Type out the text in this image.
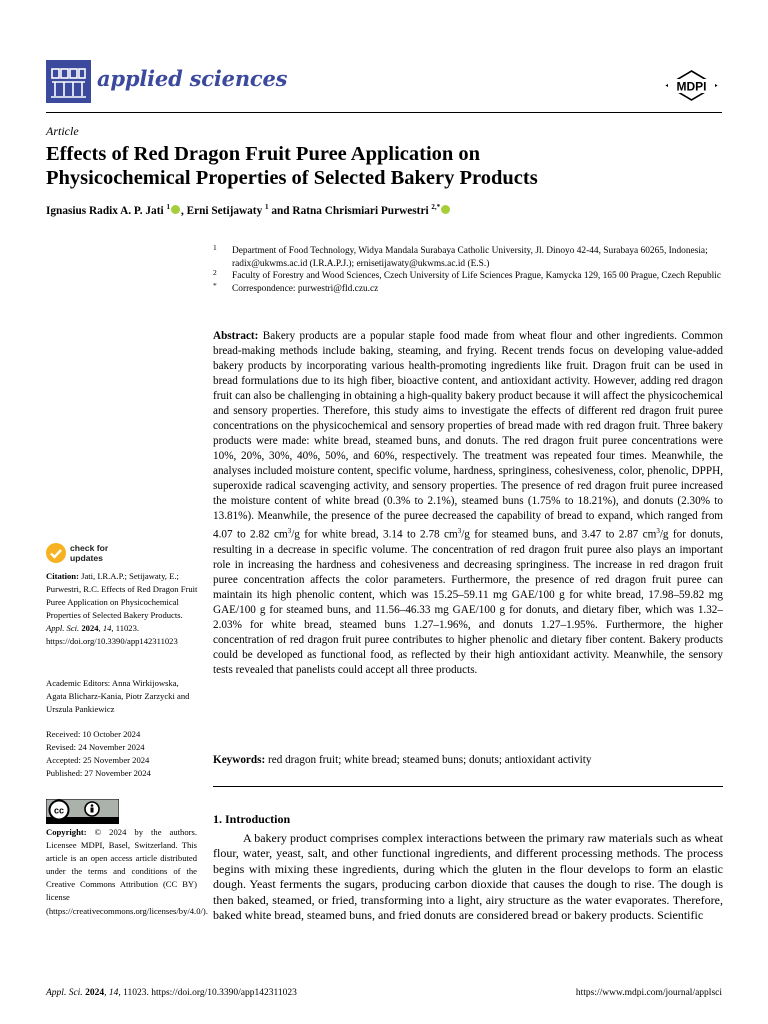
applied sciences	MDPI
Article
Effects of Red Dragon Fruit Puree Application on
Physicochemical Properties of Selected Bakery Products
Ignasius Radix A. P. Jati $^1$ , Erni Setijawaty $^1$ and Ratna Chrismiari Purwestri $^{2,*}$
1 Department of Food Technology, Widya Mandala Surabaya Catholic University, Jl. Dinoyo 42-44, Surabaya 60265, Indonesia; radix@ukwms.ac.id (I.R.A.P.J.); ernisetijawaty@ukwms.ac.id (E.S.)
2 Faculty of Forestry and Wood Sciences, Czech University of Life Sciences Prague, Kamycka 129, 165 00 Prague, Czech Republic
* Correspondence: purwestri@fld.czu.cz
Abstract: Bakery products are a popular staple food made from wheat flour and other ingredients. Common bread-making methods include baking, steaming, and frying. Recent trends focus on developing value-added bakery products by incorporating various health-promoting ingredients like fruit. Dragon fruit can be used in bread formulations due to its high fiber, bioactive content, and antioxidant activity. However, adding red dragon fruit can also be challenging in obtaining a high-quality bakery product because it will affect the physicochemical and sensory properties. Therefore, this study aims to investigate the effects of different red dragon fruit puree concentrations on the physicochemical and sensory properties of bread made with red dragon fruit. Three bakery products were made: white bread, steamed buns, and donuts. The red dragon fruit puree concentrations were 10%, 20%, 30%, 40%, 50%, and 60%, respectively. The treatment was repeated four times. Meanwhile, the analyses included moisture content, specific volume, hardness, springiness, cohesiveness, color, phenolic, DPPH, superoxide radical scavenging activity, and sensory properties. The presence of red dragon fruit puree increased the moisture content of white bread (0.3% to 2.1%), steamed buns (1.75% to 18.21%), and donuts (2.30% to 13.81%). Meanwhile, the presence of the puree decreased the capability of bread to expand, which ranged from 4.07 to 2.82 $cm^3/g$ for white bread, 3.14 to 2.78 $cm^3/g$ for steamed buns, and 3.47 to 2.87 $cm^3/g$ for donuts, resulting in a decrease in specific volume. The concentration of red dragon fruit puree also plays an important role in increasing the hardness and cohesiveness and decreasing springiness. The increase in red dragon fruit puree concentration affects the color parameters. Furthermore, the presence of red dragon fruit puree can maintain its high phenolic content, which was 15.25–59.11 mg GAE/100 g for white bread, 17.98–59.82 mg GAE/100 g for steamed buns, and 11.56–46.33 mg GAE/100 g for donuts, and dietary fiber, which was 1.32–2.03% for white bread, steamed buns 1.27–1.96%, and donuts 1.27–1.95%. Furthermore, the higher concentration of red dragon fruit puree contributes to higher phenolic and dietary fiber content. Bakery products could be developed as functional food, as reflected by their high antioxidant activity. Meanwhile, the sensory tests revealed that panelists could accept all three products.
Keywords: red dragon fruit; white bread; steamed buns; donuts; antioxidant activity
1. Introduction
A bakery product comprises complex interactions between the primary raw materials such as wheat flour, water, yeast, salt, and other functional ingredients, and different processing methods. The process begins with mixing these ingredients, during which the gluten in the flour develops to form an elastic dough. Yeast ferments the sugars, producing carbon dioxide that causes the dough to rise. The dough is then baked, steamed, or fried, transforming into a light, airy structure as the water evaporates. Therefore, baked white bread, steamed buns, and fried donuts are considered bread or bakery products. Scientific
check for
updates
Citation: Jati, I.R.A.P.; Setijawaty, E.; Purwestri, R.C. Effects of Red Dragon Fruit Puree Application on Physicochemical Properties of Selected Bakery Products. Appl. Sci. 2024, 14, 11023. https://doi.org/10.3390/app142311023
Academic Editors: Anna Wirkijowska, Agata Blicharz-Kania, Piotr Zarzycki and Urszula Pankiewicz
Received: 10 October 2024
Revised: 24 November 2024
Accepted: 25 November 2024
Published: 27 November 2024
cc
Copyright: © 2024 by the authors. Licensee MDPI, Basel, Switzerland. This article is an open access article distributed under the terms and conditions of the Creative Commons Attribution (CC BY) license (https://creativecommons.org/licenses/by/4.0/).
Appl. Sci. 2024, 14, 11023. https://doi.org/10.3390/app142311023	https://www.mdpi.com/journal/applsci
